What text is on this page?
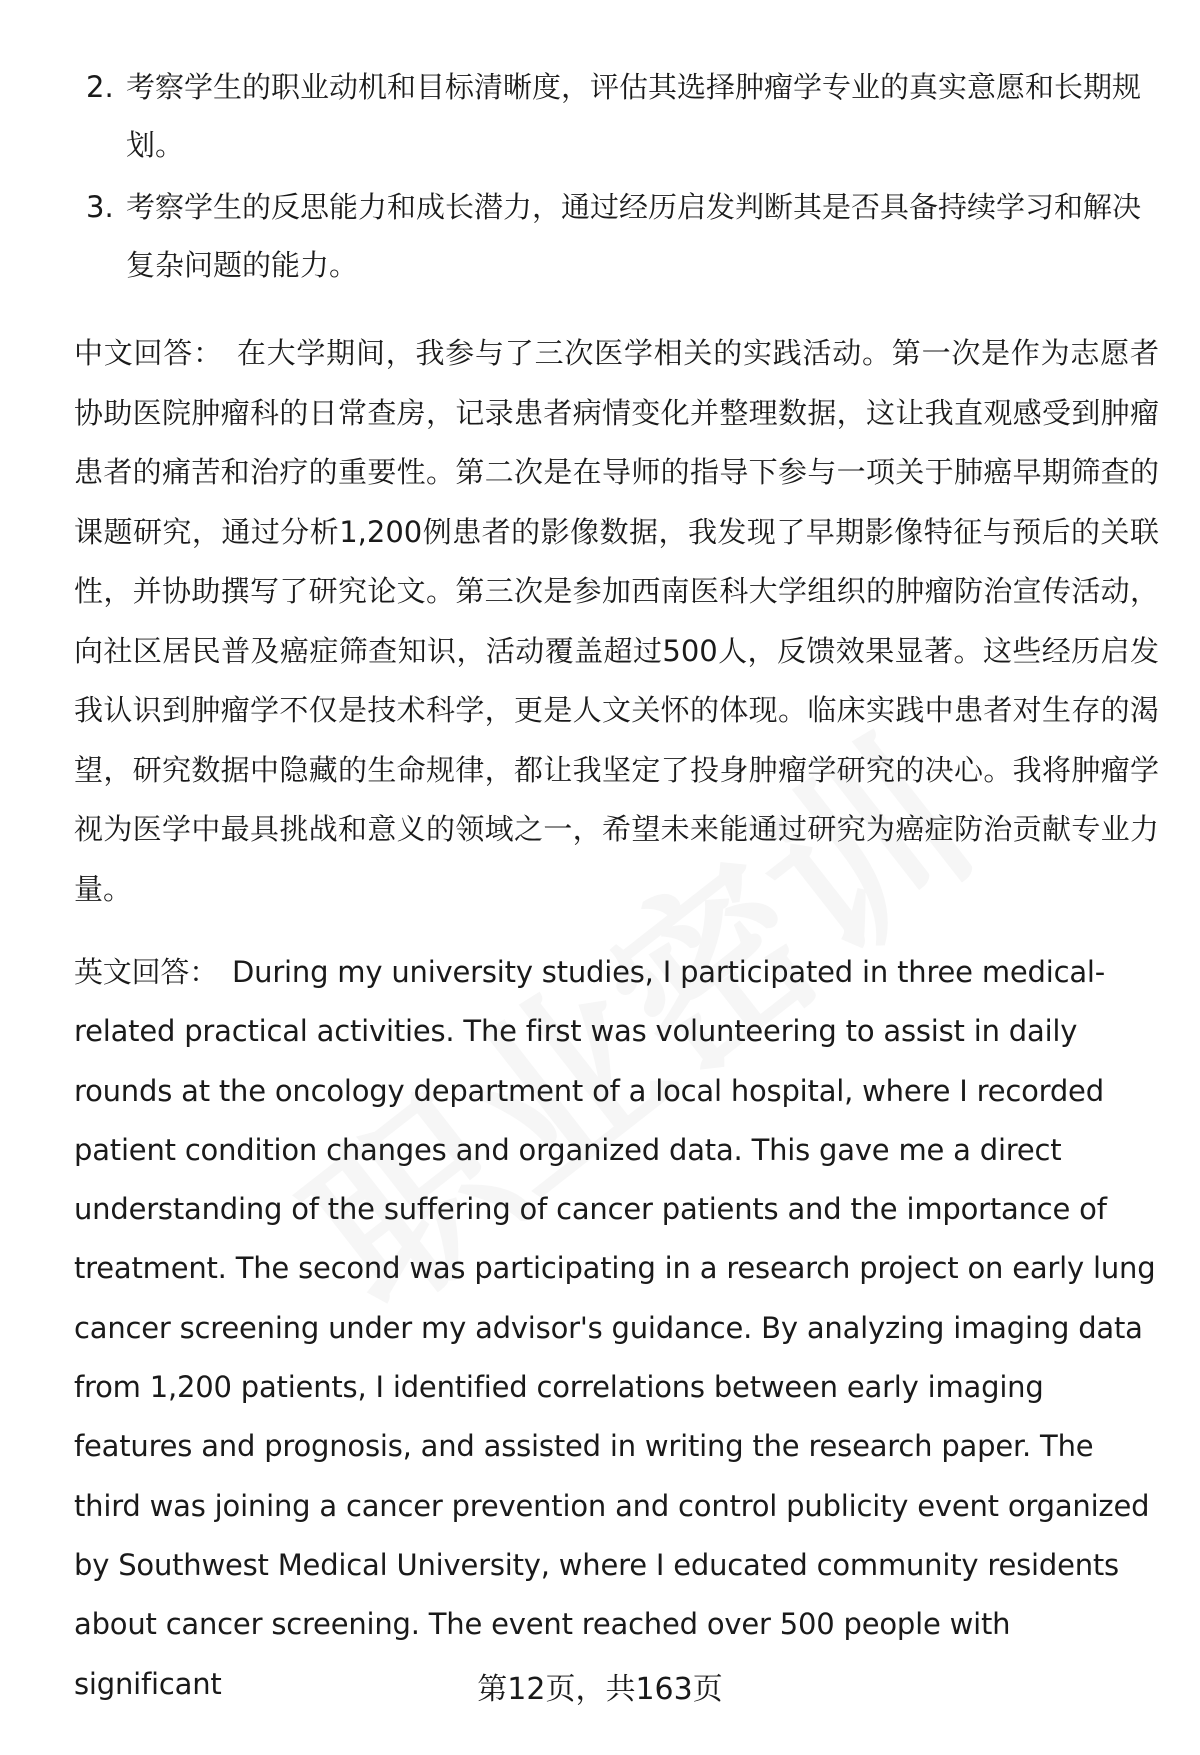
2. 考察学生的职业动机和目标清晰度，评估其选择肿瘤学专业的真实意愿和长期规划。
3. 考察学生的反思能力和成长潜力，通过经历启发判断其是否具备持续学习和解决复杂问题的能力。

中文回答： 在大学期间，我参与了三次医学相关的实践活动。第一次是作为志愿者协助医院肿瘤科的日常查房，记录患者病情变化并整理数据，这让我直观感受到肿瘤患者的痛苦和治疗的重要性。第二次是在导师的指导下参与一项关于肺癌早期筛查的课题研究，通过分析1,200例患者的影像数据，我发现了早期影像特征与预后的关联性，并协助撰写了研究论文。第三次是参加西南医科大学组织的肿瘤防治宣传活动，向社区居民普及癌症筛查知识，活动覆盖超过500人，反馈效果显著。这些经历启发我认识到肿瘤学不仅是技术科学，更是人文关怀的体现。临床实践中患者对生存的渴望，研究数据中隐藏的生命规律，都让我坚定了投身肿瘤学研究的决心。我将肿瘤学视为医学中最具挑战和意义的领域之一，希望未来能通过研究为癌症防治贡献专业力量。

英文回答： During my university studies, I participated in three medical-related practical activities. The first was volunteering to assist in daily rounds at the oncology department of a local hospital, where I recorded patient condition changes and organized data. This gave me a direct understanding of the suffering of cancer patients and the importance of treatment. The second was participating in a research project on early lung cancer screening under my advisor's guidance. By analyzing imaging data from 1,200 patients, I identified correlations between early imaging features and prognosis, and assisted in writing the research paper. The third was joining a cancer prevention and control publicity event organized by Southwest Medical University, where I educated community residents about cancer screening. The event reached over 500 people with significant	第12页，共163页
